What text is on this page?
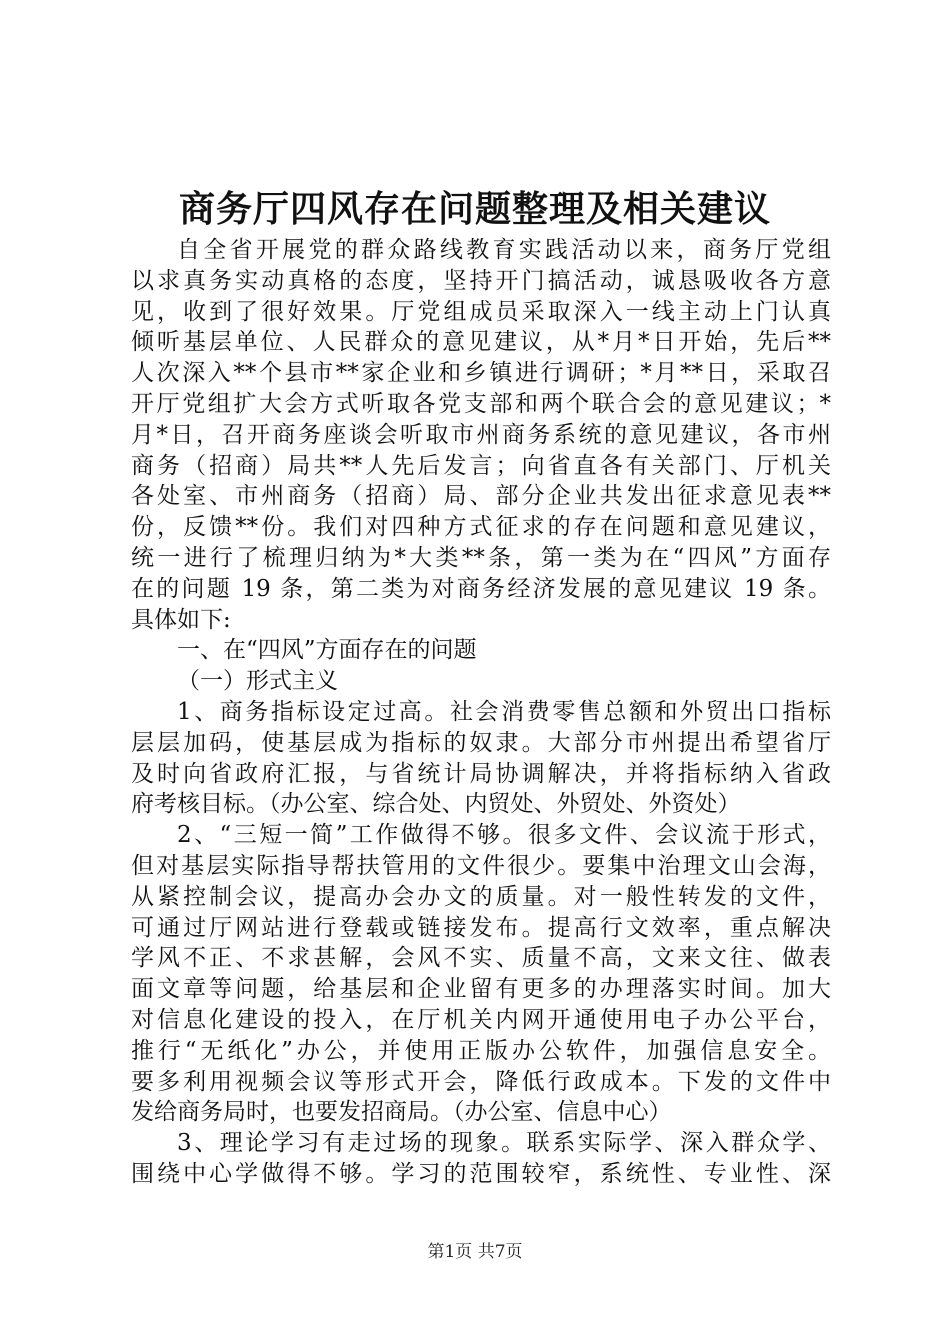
商务厅四风存在问题整理及相关建议
自全省开展党的群众路线教育实践活动以来，商务厅党组
以求真务实动真格的态度，坚持开门搞活动，诚恳吸收各方意
见，收到了很好效果。厅党组成员采取深入一线主动上门认真
倾听基层单位、人民群众的意见建议，从*月*日开始，先后**
人次深入**个县市**家企业和乡镇进行调研；*月**日，采取召
开厅党组扩大会方式听取各党支部和两个联合会的意见建议；*
月*日，召开商务座谈会听取市州商务系统的意见建议，各市州
商务（招商）局共**人先后发言；向省直各有关部门、厅机关
各处室、市州商务（招商）局、部分企业共发出征求意见表**
份，反馈**份。我们对四种方式征求的存在问题和意见建议，
统一进行了梳理归纳为*大类**条，第一类为在“四风”方面存
在的问题 19 条，第二类为对商务经济发展的意见建议 19 条。
具体如下:
一、在“四风”方面存在的问题
（一）形式主义
1、商务指标设定过高。社会消费零售总额和外贸出口指标
层层加码，使基层成为指标的奴隶。大部分市州提出希望省厅
及时向省政府汇报，与省统计局协调解决，并将指标纳入省政
府考核目标。（办公室、综合处、内贸处、外贸处、外资处）
2、“三短一简”工作做得不够。很多文件、会议流于形式，
但对基层实际指导帮扶管用的文件很少。要集中治理文山会海，
从紧控制会议，提高办会办文的质量。对一般性转发的文件，
可通过厅网站进行登载或链接发布。提高行文效率，重点解决
学风不正、不求甚解，会风不实、质量不高，文来文往、做表
面文章等问题，给基层和企业留有更多的办理落实时间。加大
对信息化建设的投入，在厅机关内网开通使用电子办公平台，
推行“无纸化”办公，并使用正版办公软件，加强信息安全。
要多利用视频会议等形式开会，降低行政成本。下发的文件中
发给商务局时，也要发招商局。（办公室、信息中心）
3、理论学习有走过场的现象。联系实际学、深入群众学、
围绕中心学做得不够。学习的范围较窄，系统性、专业性、深
第1页 共7页
